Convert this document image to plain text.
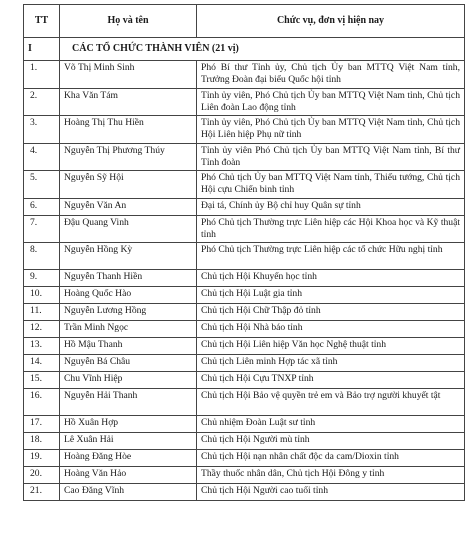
TT	Họ và tên	Chức vụ, đơn vị hiện nay
I	CÁC TỔ CHỨC THÀNH VIÊN (21 vị)	
1.	Võ Thị Minh Sinh	Phó Bí thư Tỉnh ủy, Chủ tịch Ủy ban MTTQ Việt Nam tỉnh, Trưởng Đoàn đại biểu Quốc hội tỉnh
2.	Kha Văn Tám	Tỉnh ủy viên, Phó Chủ tịch Ủy ban MTTQ Việt Nam tỉnh, Chủ tịch Liên đoàn Lao động tỉnh
3.	Hoàng Thị Thu Hiền	Tỉnh ủy viên, Phó Chủ tịch Ủy ban MTTQ Việt Nam tỉnh, Chủ tịch Hội Liên hiệp Phụ nữ tỉnh
4.	Nguyễn Thị Phương Thúy	Tỉnh ủy viên Phó Chủ tịch Ủy ban MTTQ Việt Nam tỉnh, Bí thư Tỉnh đoàn
5.	Nguyễn Sỹ Hội	Phó Chủ tịch Ủy ban MTTQ Việt Nam tỉnh, Thiếu tướng, Chủ tịch Hội cựu Chiến binh tỉnh
6.	Nguyễn Văn An	Đại tá, Chính ủy Bộ chỉ huy Quân sự tỉnh
7.	Đậu Quang Vinh	Phó Chủ tịch Thường trực Liên hiệp các Hội Khoa học và Kỹ thuật tỉnh
8.	Nguyễn Hồng Kỳ	Phó Chủ tịch Thường trực Liên hiệp các tổ chức Hữu nghị tỉnh
9.	Nguyễn Thanh Hiền	Chủ tịch Hội Khuyến học tỉnh
10.	Hoàng Quốc Hào	Chủ tịch Hội Luật gia tỉnh
11.	Nguyễn Lương Hồng	Chủ tịch Hội Chữ Thập đỏ tỉnh
12.	Trần Minh Ngọc	Chủ tịch Hội Nhà báo tỉnh
13.	Hồ Mậu Thanh	Chủ tịch Hội Liên hiệp Văn học Nghệ thuật tỉnh
14.	Nguyễn Bá Châu	Chủ tịch Liên minh Hợp tác xã tỉnh
15.	Chu Vĩnh Hiệp	Chủ tịch Hội Cựu TNXP tỉnh
16.	Nguyễn Hải Thanh	Chủ tịch Hội Bảo vệ quyền trẻ em và Bảo trợ người khuyết tật
17.	Hồ Xuân Hợp	Chủ nhiệm Đoàn Luật sư tỉnh
18.	Lê Xuân Hải	Chủ tịch Hội Người mù tỉnh
19.	Hoàng Đăng Hòe	Chủ tịch Hội nạn nhân chất độc da cam/Dioxin tỉnh
20.	Hoàng Văn Hảo	Thầy thuốc nhân dân, Chủ tịch Hội Đông y tỉnh
21.	Cao Đăng Vĩnh	Chủ tịch Hội Người cao tuổi tỉnh
